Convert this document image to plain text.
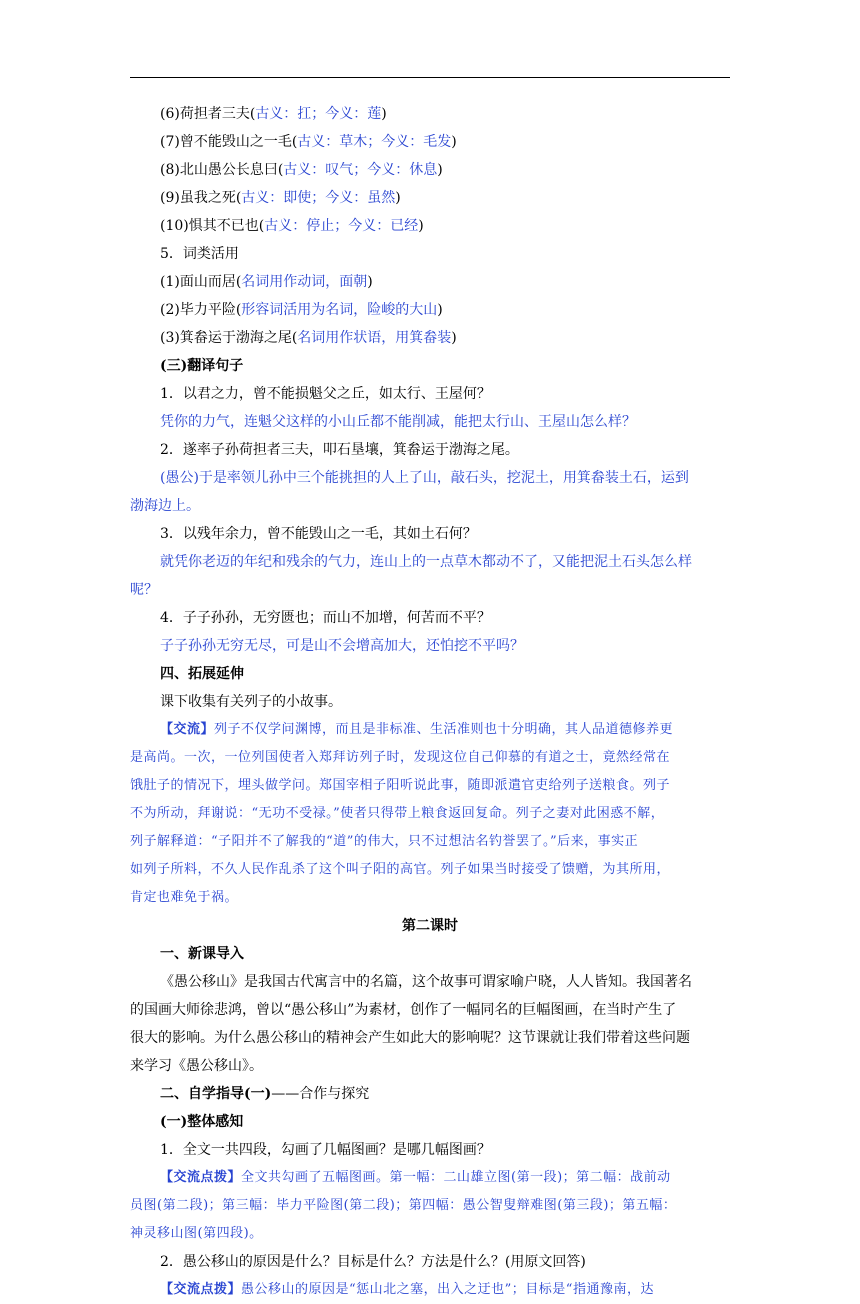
(6)荷担者三夫(古义：扛；今义：莲)
(7)曾不能毁山之一毛(古义：草木；今义：毛发)
(8)北山愚公长息曰(古义：叹气；今义：休息)
(9)虽我之死(古义：即使；今义：虽然)
(10)惧其不已也(古义：停止；今义：已经)
5．词类活用
(1)面山而居(名词用作动词，面朝)
(2)毕力平险(形容词活用为名词，险峻的大山)
(3)箕畚运于渤海之尾(名词用作状语，用箕畚装)
(三)翻译句子
1．以君之力，曾不能损魁父之丘，如太行、王屋何？
凭你的力气，连魁父这样的小山丘都不能削减，能把太行山、王屋山怎么样？
2．遂率子孙荷担者三夫，叩石垦壤，箕畚运于渤海之尾。
(愚公)于是率领儿孙中三个能挑担的人上了山，敲石头，挖泥土，用箕畚装土石，运到
渤海边上。
3．以残年余力，曾不能毁山之一毛，其如土石何？
就凭你老迈的年纪和残余的气力，连山上的一点草木都动不了，又能把泥土石头怎么样
呢？
4．子子孙孙，无穷匮也；而山不加增，何苦而不平？
子子孙孙无穷无尽，可是山不会增高加大，还怕挖不平吗？
四、拓展延伸
课下收集有关列子的小故事。
【交流】列子不仅学问渊博，而且是非标准、生活准则也十分明确，其人品道德修养更
是高尚。一次，一位列国使者入郑拜访列子时，发现这位自己仰慕的有道之士，竟然经常在
饿肚子的情况下，埋头做学问。郑国宰相子阳听说此事，随即派遣官吏给列子送粮食。列子
不为所动，拜谢说：“无功不受禄。”使者只得带上粮食返回复命。列子之妻对此困惑不解，
列子解释道：“子阳并不了解我的“道”的伟大，只不过想沽名钓誉罢了。”后来，事实正
如列子所料，不久人民作乱杀了这个叫子阳的高官。列子如果当时接受了馈赠，为其所用，
肯定也难免于祸。
第二课时
一、新课导入
《愚公移山》是我国古代寓言中的名篇，这个故事可谓家喻户晓，人人皆知。我国著名
的国画大师徐悲鸿，曾以“愚公移山”为素材，创作了一幅同名的巨幅图画，在当时产生了
很大的影响。为什么愚公移山的精神会产生如此大的影响呢？这节课就让我们带着这些问题
来学习《愚公移山》。
二、自学指导(一)——合作与探究
(一)整体感知
1．全文一共四段，勾画了几幅图画？是哪几幅图画？
【交流点拨】全文共勾画了五幅图画。第一幅：二山雄立图(第一段)；第二幅：战前动
员图(第二段)；第三幅：毕力平险图(第二段)；第四幅：愚公智叟辩难图(第三段)；第五幅：
神灵移山图(第四段)。
2．愚公移山的原因是什么？目标是什么？方法是什么？(用原文回答)
【交流点拨】愚公移山的原因是“惩山北之塞，出入之迂也”；目标是“指通豫南，达
